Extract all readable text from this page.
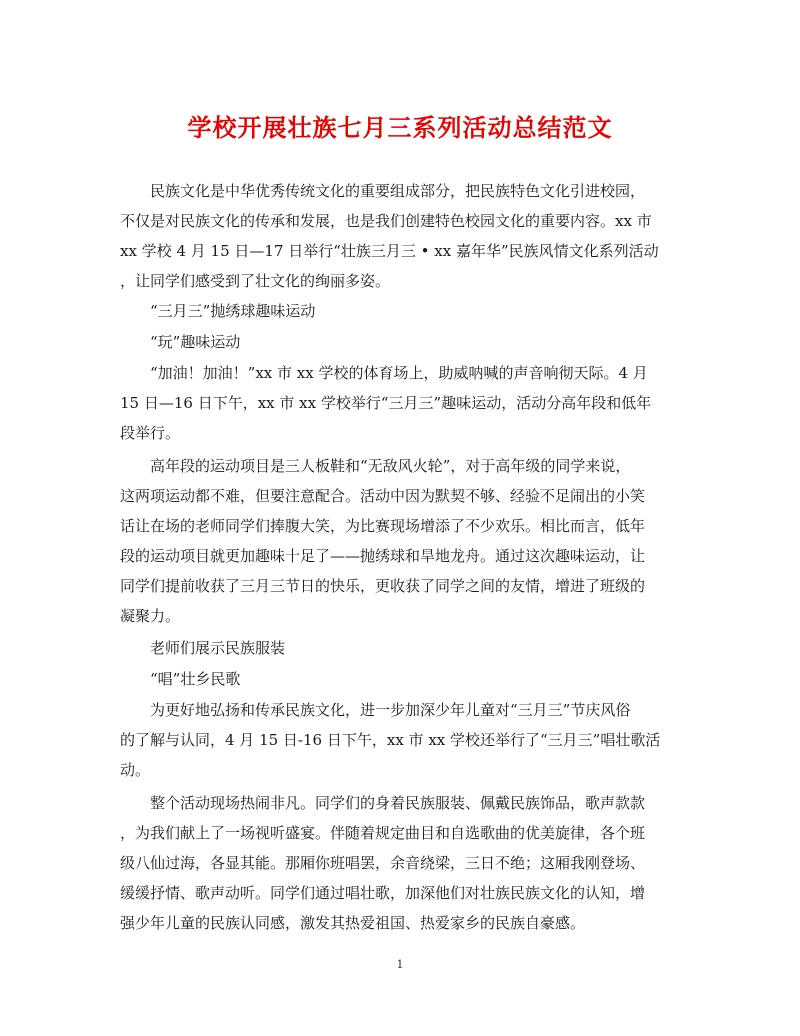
学校开展壮族七月三系列活动总结范文
民族文化是中华优秀传统文化的重要组成部分，把民族特色文化引进校园，
不仅是对民族文化的传承和发展，也是我们创建特色校园文化的重要内容。xx 市
xx 学校 4 月 15 日—17 日举行“壮族三月三 • xx 嘉年华”民族风情文化系列活动
，让同学们感受到了壮文化的绚丽多姿。
“三月三”抛绣球趣味运动
“玩”趣味运动
“加油！加油！”xx 市 xx 学校的体育场上，助威呐喊的声音响彻天际。4 月
15 日—16 日下午，xx 市 xx 学校举行“三月三”趣味运动，活动分高年段和低年
段举行。
高年段的运动项目是三人板鞋和“无敌风火轮”，对于高年级的同学来说，
这两项运动都不难，但要注意配合。活动中因为默契不够、经验不足闹出的小笑
话让在场的老师同学们捧腹大笑，为比赛现场增添了不少欢乐。相比而言，低年
段的运动项目就更加趣味十足了——抛绣球和旱地龙舟。通过这次趣味运动，让
同学们提前收获了三月三节日的快乐，更收获了同学之间的友情，增进了班级的
凝聚力。
老师们展示民族服装
“唱”壮乡民歌
为更好地弘扬和传承民族文化，进一步加深少年儿童对“三月三”节庆风俗
的了解与认同，4 月 15 日-16 日下午，xx 市 xx 学校还举行了“三月三”唱壮歌活
动。
整个活动现场热闹非凡。同学们的身着民族服装、佩戴民族饰品，歌声款款
，为我们献上了一场视听盛宴。伴随着规定曲目和自选歌曲的优美旋律，各个班
级八仙过海，各显其能。那厢你班唱罢，余音绕梁，三日不绝；这厢我刚登场、
缓缓抒情、歌声动听。同学们通过唱壮歌，加深他们对壮族民族文化的认知，增
强少年儿童的民族认同感，激发其热爱祖国、热爱家乡的民族自豪感。
1
